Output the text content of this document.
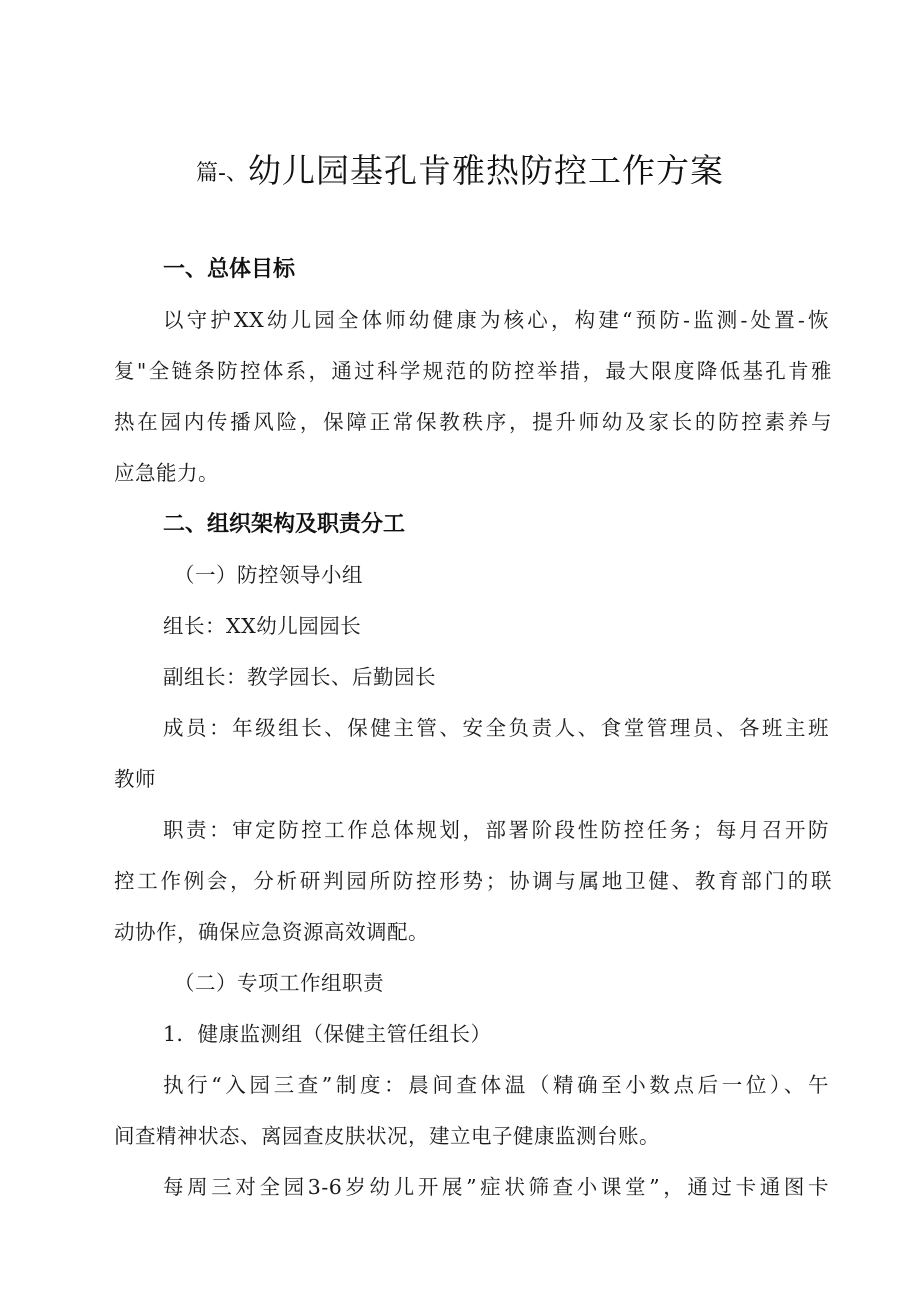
篇-、幼儿园基孔肯雅热防控工作方案
一、总体目标
以守护XX幼儿园全体师幼健康为核心，构建“预防-监测-处置-恢
复"全链条防控体系，通过科学规范的防控举措，最大限度降低基孔肯雅
热在园内传播风险，保障正常保教秩序，提升师幼及家长的防控素养与
应急能力。
二、组织架构及职责分工
（一）防控领导小组
组长：XX幼儿园园长
副组长：教学园长、后勤园长
成员：年级组长、保健主管、安全负责人、食堂管理员、各班主班
教师
职责：审定防控工作总体规划，部署阶段性防控任务；每月召开防
控工作例会，分析研判园所防控形势；协调与属地卫健、教育部门的联
动协作，确保应急资源高效调配。
（二）专项工作组职责
1．健康监测组（保健主管任组长）
执行“入园三查”制度：晨间查体温（精确至小数点后一位）、午
间查精神状态、离园查皮肤状况，建立电子健康监测台账。
每周三对全园3-6岁幼儿开展”症状筛查小课堂”，通过卡通图卡
